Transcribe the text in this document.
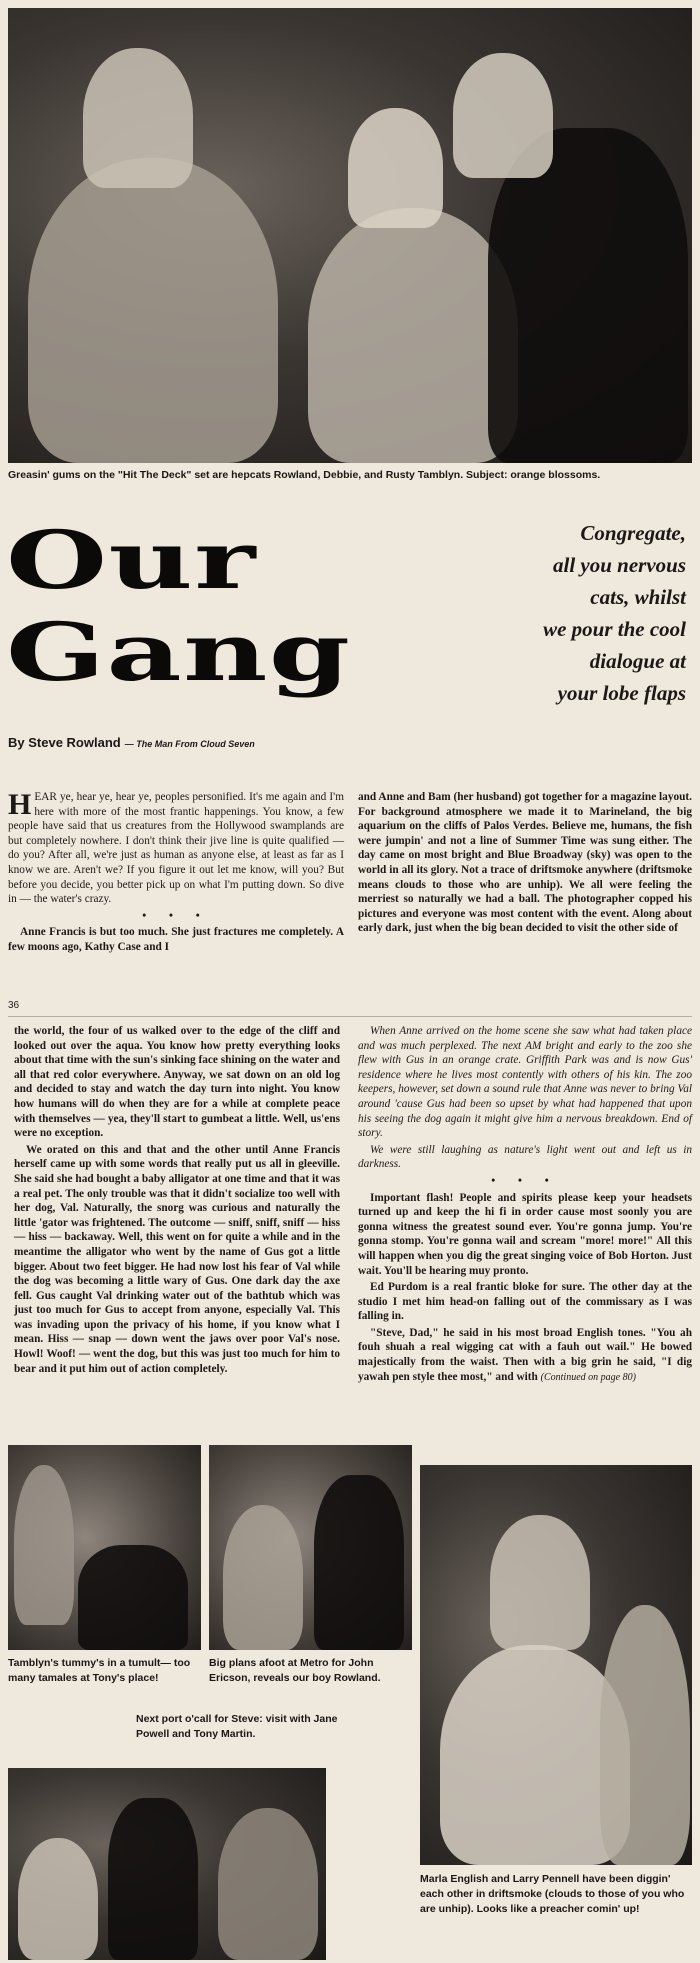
Greasin' gums on the "Hit The Deck" set are hepcats Rowland, Debbie, and Rusty Tamblyn. Subject: orange blossoms.
Our
Gang
Congregate,
all you nervous
cats, whilst
we pour the cool
dialogue at
your lobe flaps
By Steve Rowland — The Man From Cloud Seven

HEAR ye, hear ye, hear ye, peoples personified. It's me again and I'm here with more of the most frantic happenings. You know, a few people have said that us creatures from the Hollywood swamplands are but completely nowhere. I don't think their jive line is quite qualified — do you? After all, we're just as human as anyone else, at least as far as I know we are. Aren't we? If you figure it out let me know, will you? But before you decide, you better pick up on what I'm putting down. So dive in — the water's crazy.

• • •

Anne Francis is but too much. She just fractures me completely. A few moons ago, Kathy Case and I

36

and Anne and Bam (her husband) got together for a magazine layout. For background atmosphere we made it to Marineland, the big aquarium on the cliffs of Palos Verdes. Believe me, humans, the fish were jumpin' and not a line of Summer Time was sung either. The day came on most bright and Blue Broadway (sky) was open to the world in all its glory. Not a trace of driftsmoke anywhere (driftsmoke means clouds to those who are unhip). We all were feeling the merriest so naturally we had a ball. The photographer copped his pictures and everyone was most content with the event. Along about early dark, just when the big bean decided to visit the other side of

the world, the four of us walked over to the edge of the cliff and looked out over the aqua. You know how pretty everything looks about that time with the sun's sinking face shining on the water and all that red color everywhere. Anyway, we sat down on an old log and decided to stay and watch the day turn into night. You know how humans will do when they are for a while at complete peace with themselves — yea, they'll start to gumbeat a little. Well, us'ens were no exception.

We orated on this and that and the other until Anne Francis herself came up with some words that really put us all in gleeville. She said she had bought a baby alligator at one time and that it was a real pet. The only trouble was that it didn't socialize too well with her dog, Val. Naturally, the snorg was curious and naturally the little 'gator was frightened. The outcome — sniff, sniff, sniff — hiss — hiss — backaway. Well, this went on for quite a while and in the meantime the alligator who went by the name of Gus got a little bigger. About two feet bigger. He had now lost his fear of Val while the dog was becoming a little wary of Gus. One dark day the axe fell. Gus caught Val drinking water out of the bathtub which was just too much for Gus to accept from anyone, especially Val. This was invading upon the privacy of his home, if you know what I mean. Hiss — snap — down went the jaws over poor Val's nose. Howl! Woof! — went the dog, but this was just too much for him to bear and it put him out of action completely.

When Anne arrived on the home scene she saw what had taken place and was much perplexed. The next AM bright and early to the zoo she flew with Gus in an orange crate. Griffith Park was and is now Gus' residence where he lives most contently with others of his kin. The zoo keepers, however, set down a sound rule that Anne was never to bring Val around 'cause Gus had been so upset by what had happened that upon his seeing the dog again it might give him a nervous breakdown. End of story.

We were still laughing as nature's light went out and left us in darkness.

• • •

Important flash! People and spirits please keep your headsets turned up and keep the hi fi in order cause most soonly you are gonna witness the greatest sound ever. You're gonna jump. You're gonna stomp. You're gonna wail and scream "more! more!" All this will happen when you dig the great singing voice of Bob Horton. Just wait. You'll be hearing muy pronto.

Ed Purdom is a real frantic bloke for sure. The other day at the studio I met him head-on falling out of the commissary as I was falling in.

"Steve, Dad," he said in his most broad English tones. "You ah fouh shuah a real wigging cat with a fauh out wail." He bowed majestically from the waist. Then with a big grin he said, "I dig yawah pen style thee most," and with (Continued on page 80)

Tamblyn's tummy's in a tumult— too many tamales at Tony's place!
Big plans afoot at Metro for John Ericson, reveals our boy Rowland.
Next port o'call for Steve: visit with Jane Powell and Tony Martin.
Marla English and Larry Pennell have been diggin' each other in driftsmoke (clouds to those of you who are unhip). Looks like a preacher comin' up!
